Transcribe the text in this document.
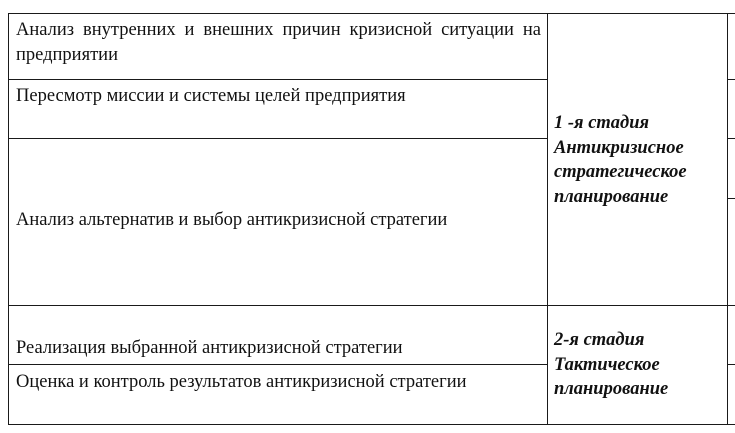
Анализ внутренних и внешних причин кризисной ситуации на предприятии
Пересмотр миссии и системы целей предприятия
Анализ альтернатив и выбор антикризисной стратегии
Реализация выбранной антикризисной стратегии
Оценка и контроль результатов антикризисной стратегии
1 -я стадия
Антикризисное
стратегическое
планирование
2-я стадия
Тактическое
планирование
